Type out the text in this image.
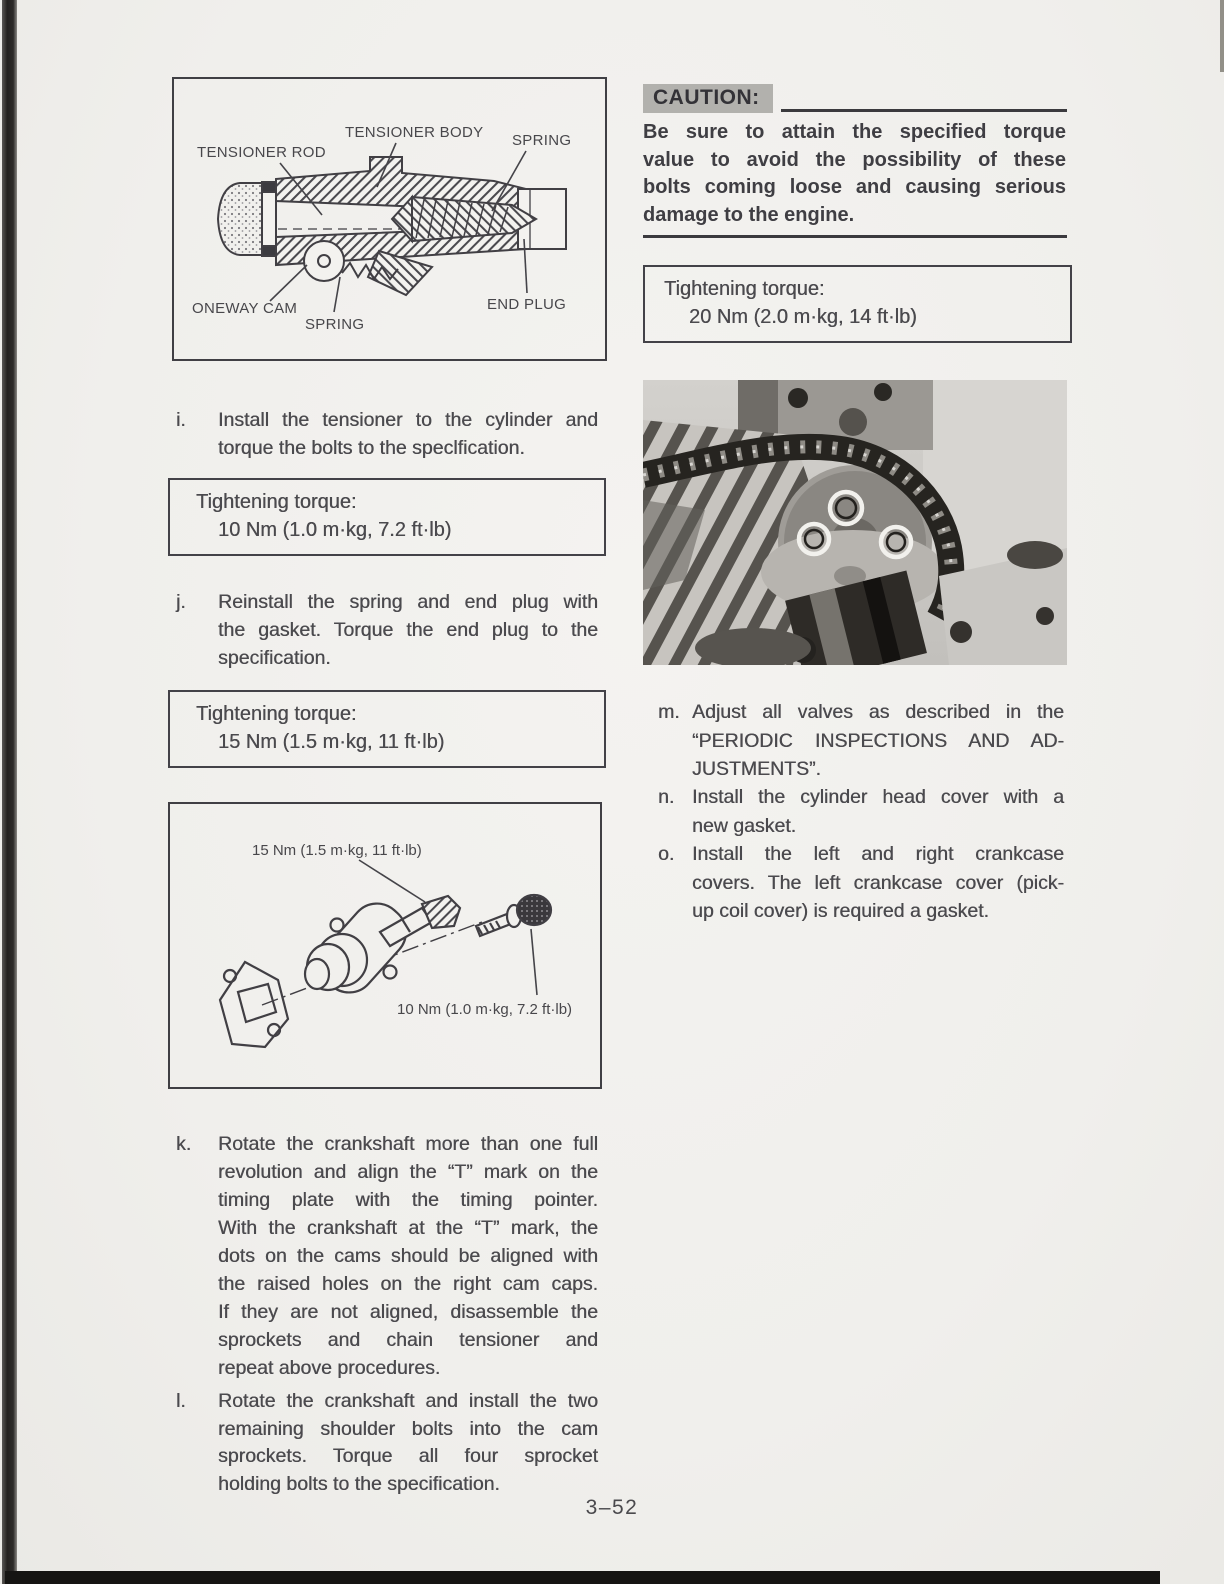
TENSIONER ROD
TENSIONER BODY SPRING
ONEWAY CAM
SPRING
END PLUG
CAUTION:
Be sure to attain the specified torque
value to avoid the possibility of these
bolts coming loose and causing serious
damage to the engine.
Tightening torque:
20 Nm (2.0 m·kg, 14 ft·lb)
i.	Install the tensioner to the cylinder and
torque the bolts to the speclfication.
Tightening torque:
10 Nm (1.0 m·kg, 7.2 ft·lb)
j.	Reinstall the spring and end plug with
the gasket. Torque the end plug to the
specification.
Tightening torque:
15 Nm (1.5 m·kg, 11 ft·lb)
15 Nm (1.5 m·kg, 11 ft·lb)
10 Nm (1.0 m·kg, 7.2 ft·lb)
k.	Rotate the crankshaft more than one full
revolution and align the “T” mark on the
timing plate with the timing pointer.
With the crankshaft at the “T” mark, the
dots on the cams should be aligned with
the raised holes on the right cam caps.
If they are not aligned, disassemble the
sprockets and chain tensioner and
repeat above procedures.
l.	Rotate the crankshaft and install the two
remaining shoulder bolts into the cam
sprockets. Torque all four sprocket
holding bolts to the specification.
m. Adjust all valves as described in the
“PERIODIC INSPECTIONS AND AD-
JUSTMENTS”.
n. Install the cylinder head cover with a
new gasket.
o. Install the left and right crankcase
covers. The left crankcase cover (pick-
up coil cover) is required a gasket.
3–52
